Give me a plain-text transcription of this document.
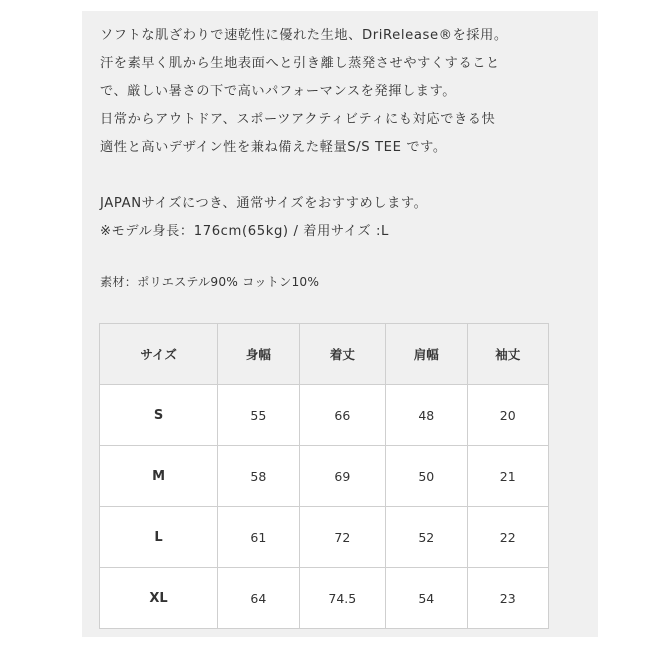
ソフトな肌ざわりで速乾性に優れた生地、DriRelease®を採用。
汗を素早く肌から生地表面へと引き離し蒸発させやすくすること
で、厳しい暑さの下で高いパフォーマンスを発揮します。
日常からアウトドア、スポーツアクティビティにも対応できる快
適性と高いデザイン性を兼ね備えた軽量S/S TEE です。
JAPANサイズにつき、通常サイズをおすすめします。
※モデル身長：176cm(65kg) / 着用サイズ :L
素材：ポリエステル90% コットン10%
サイズ	身幅	着丈	肩幅	袖丈
S	55	66	48	20
M	58	69	50	21
L	61	72	52	22
XL	64	74.5	54	23
